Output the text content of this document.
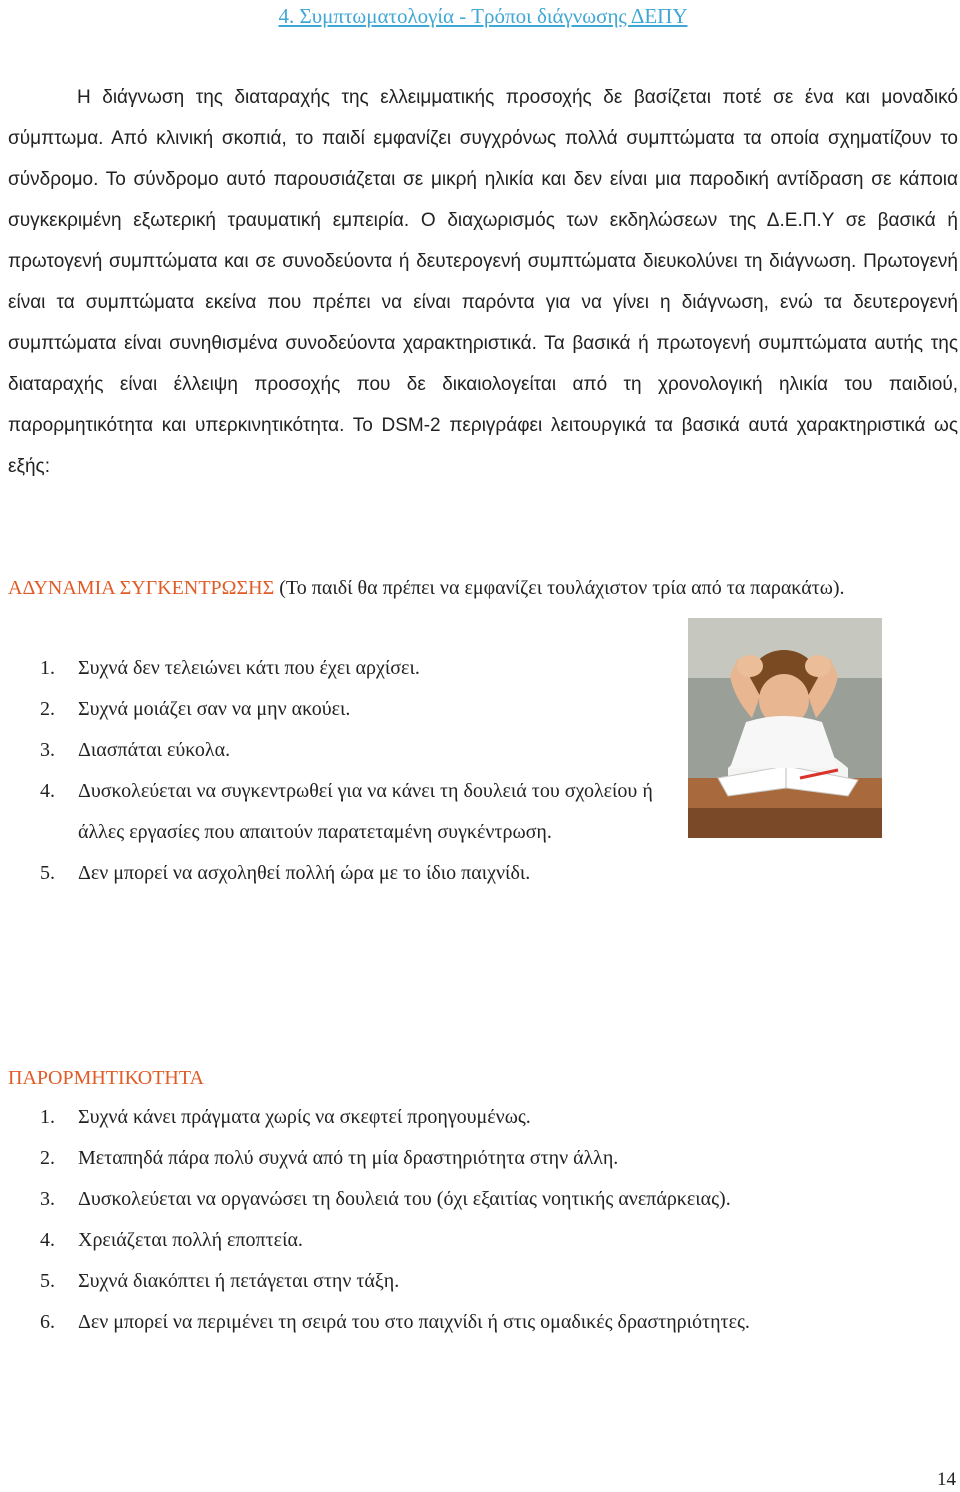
4. Συμπτωματολογία - Τρόποι διάγνωσης ΔΕΠΥ

Η διάγνωση της διαταραχής της ελλειμματικής προσοχής δε βασίζεται ποτέ σε ένα και μοναδικό σύμπτωμα. Από κλινική σκοπιά, το παιδί εμφανίζει συγχρόνως πολλά συμπτώματα τα οποία σχηματίζουν το σύνδρομο. Το σύνδρομο αυτό παρουσιάζεται σε μικρή ηλικία και δεν είναι μια παροδική αντίδραση σε κάποια συγκεκριμένη εξωτερική τραυματική εμπειρία. Ο διαχωρισμός των εκδηλώσεων της Δ.Ε.Π.Υ σε βασικά ή πρωτογενή συμπτώματα και σε συνοδεύοντα ή δευτερογενή συμπτώματα διευκολύνει τη διάγνωση. Πρωτογενή είναι τα συμπτώματα εκείνα που πρέπει να είναι παρόντα για να γίνει η διάγνωση, ενώ τα δευτερογενή συμπτώματα είναι συνηθισμένα συνοδεύοντα χαρακτηριστικά. Τα βασικά ή πρωτογενή συμπτώματα αυτής της διαταραχής είναι έλλειψη προσοχής που δε δικαιολογείται από τη χρονολογική ηλικία του παιδιού, παρορμητικότητα και υπερκινητικότητα. Το DSM-2 περιγράφει λειτουργικά τα βασικά αυτά χαρακτηριστικά ως εξής:

ΑΔΥΝΑΜΙΑ ΣΥΓΚΕΝΤΡΩΣΗΣ (Το παιδί θα πρέπει να εμφανίζει τουλάχιστον τρία από τα παρακάτω).

1. Συχνά δεν τελειώνει κάτι που έχει αρχίσει.
2. Συχνά μοιάζει σαν να μην ακούει.
3. Διασπάται εύκολα.
4. Δυσκολεύεται να συγκεντρωθεί για να κάνει τη δουλειά του σχολείου ή άλλες εργασίες που απαιτούν παρατεταμένη συγκέντρωση.
5. Δεν μπορεί να ασχοληθεί πολλή ώρα με το ίδιο παιχνίδι.

ΠΑΡΟΡΜΗΤΙΚΟΤΗΤΑ

1. Συχνά κάνει πράγματα χωρίς να σκεφτεί προηγουμένως.
2. Μεταπηδά πάρα πολύ συχνά από τη μία δραστηριότητα στην άλλη.
3. Δυσκολεύεται να οργανώσει τη δουλειά του (όχι εξαιτίας νοητικής ανεπάρκειας).
4. Χρειάζεται πολλή εποπτεία.
5. Συχνά διακόπτει ή πετάγεται στην τάξη.
6. Δεν μπορεί να περιμένει τη σειρά του στο παιχνίδι ή στις ομαδικές δραστηριότητες.
14
